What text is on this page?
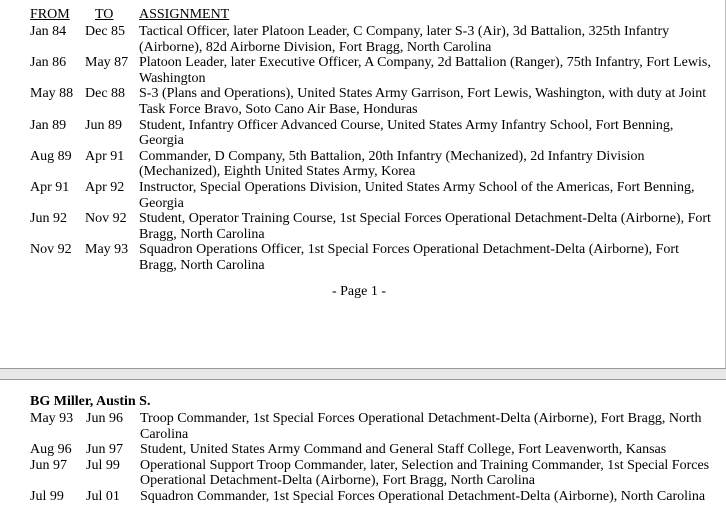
FROM TO ASSIGNMENT
Jan 84 Dec 85 Tactical Officer, later Platoon Leader, C Company, later S-3 (Air), 3d Battalion, 325th Infantry (Airborne), 82d Airborne Division, Fort Bragg, North Carolina
Jan 86 May 87 Platoon Leader, later Executive Officer, A Company, 2d Battalion (Ranger), 75th Infantry, Fort Lewis, Washington
May 88 Dec 88 S-3 (Plans and Operations), United States Army Garrison, Fort Lewis, Washington, with duty at Joint Task Force Bravo, Soto Cano Air Base, Honduras
Jan 89 Jun 89 Student, Infantry Officer Advanced Course, United States Army Infantry School, Fort Benning, Georgia
Aug 89 Apr 91 Commander, D Company, 5th Battalion, 20th Infantry (Mechanized), 2d Infantry Division (Mechanized), Eighth United States Army, Korea
Apr 91 Apr 92 Instructor, Special Operations Division, United States Army School of the Americas, Fort Benning, Georgia
Jun 92 Nov 92 Student, Operator Training Course, 1st Special Forces Operational Detachment-Delta (Airborne), Fort Bragg, North Carolina
Nov 92 May 93 Squadron Operations Officer, 1st Special Forces Operational Detachment-Delta (Airborne), Fort Bragg, North Carolina
- Page 1 -
BG Miller, Austin S.
May 93 Jun 96 Troop Commander, 1st Special Forces Operational Detachment-Delta (Airborne), Fort Bragg, North Carolina
Aug 96 Jun 97 Student, United States Army Command and General Staff College, Fort Leavenworth, Kansas
Jun 97 Jul 99 Operational Support Troop Commander, later, Selection and Training Commander, 1st Special Forces Operational Detachment-Delta (Airborne), Fort Bragg, North Carolina
Jul 99 Jul 01 Squadron Commander, 1st Special Forces Operational Detachment-Delta (Airborne), North Carolina
